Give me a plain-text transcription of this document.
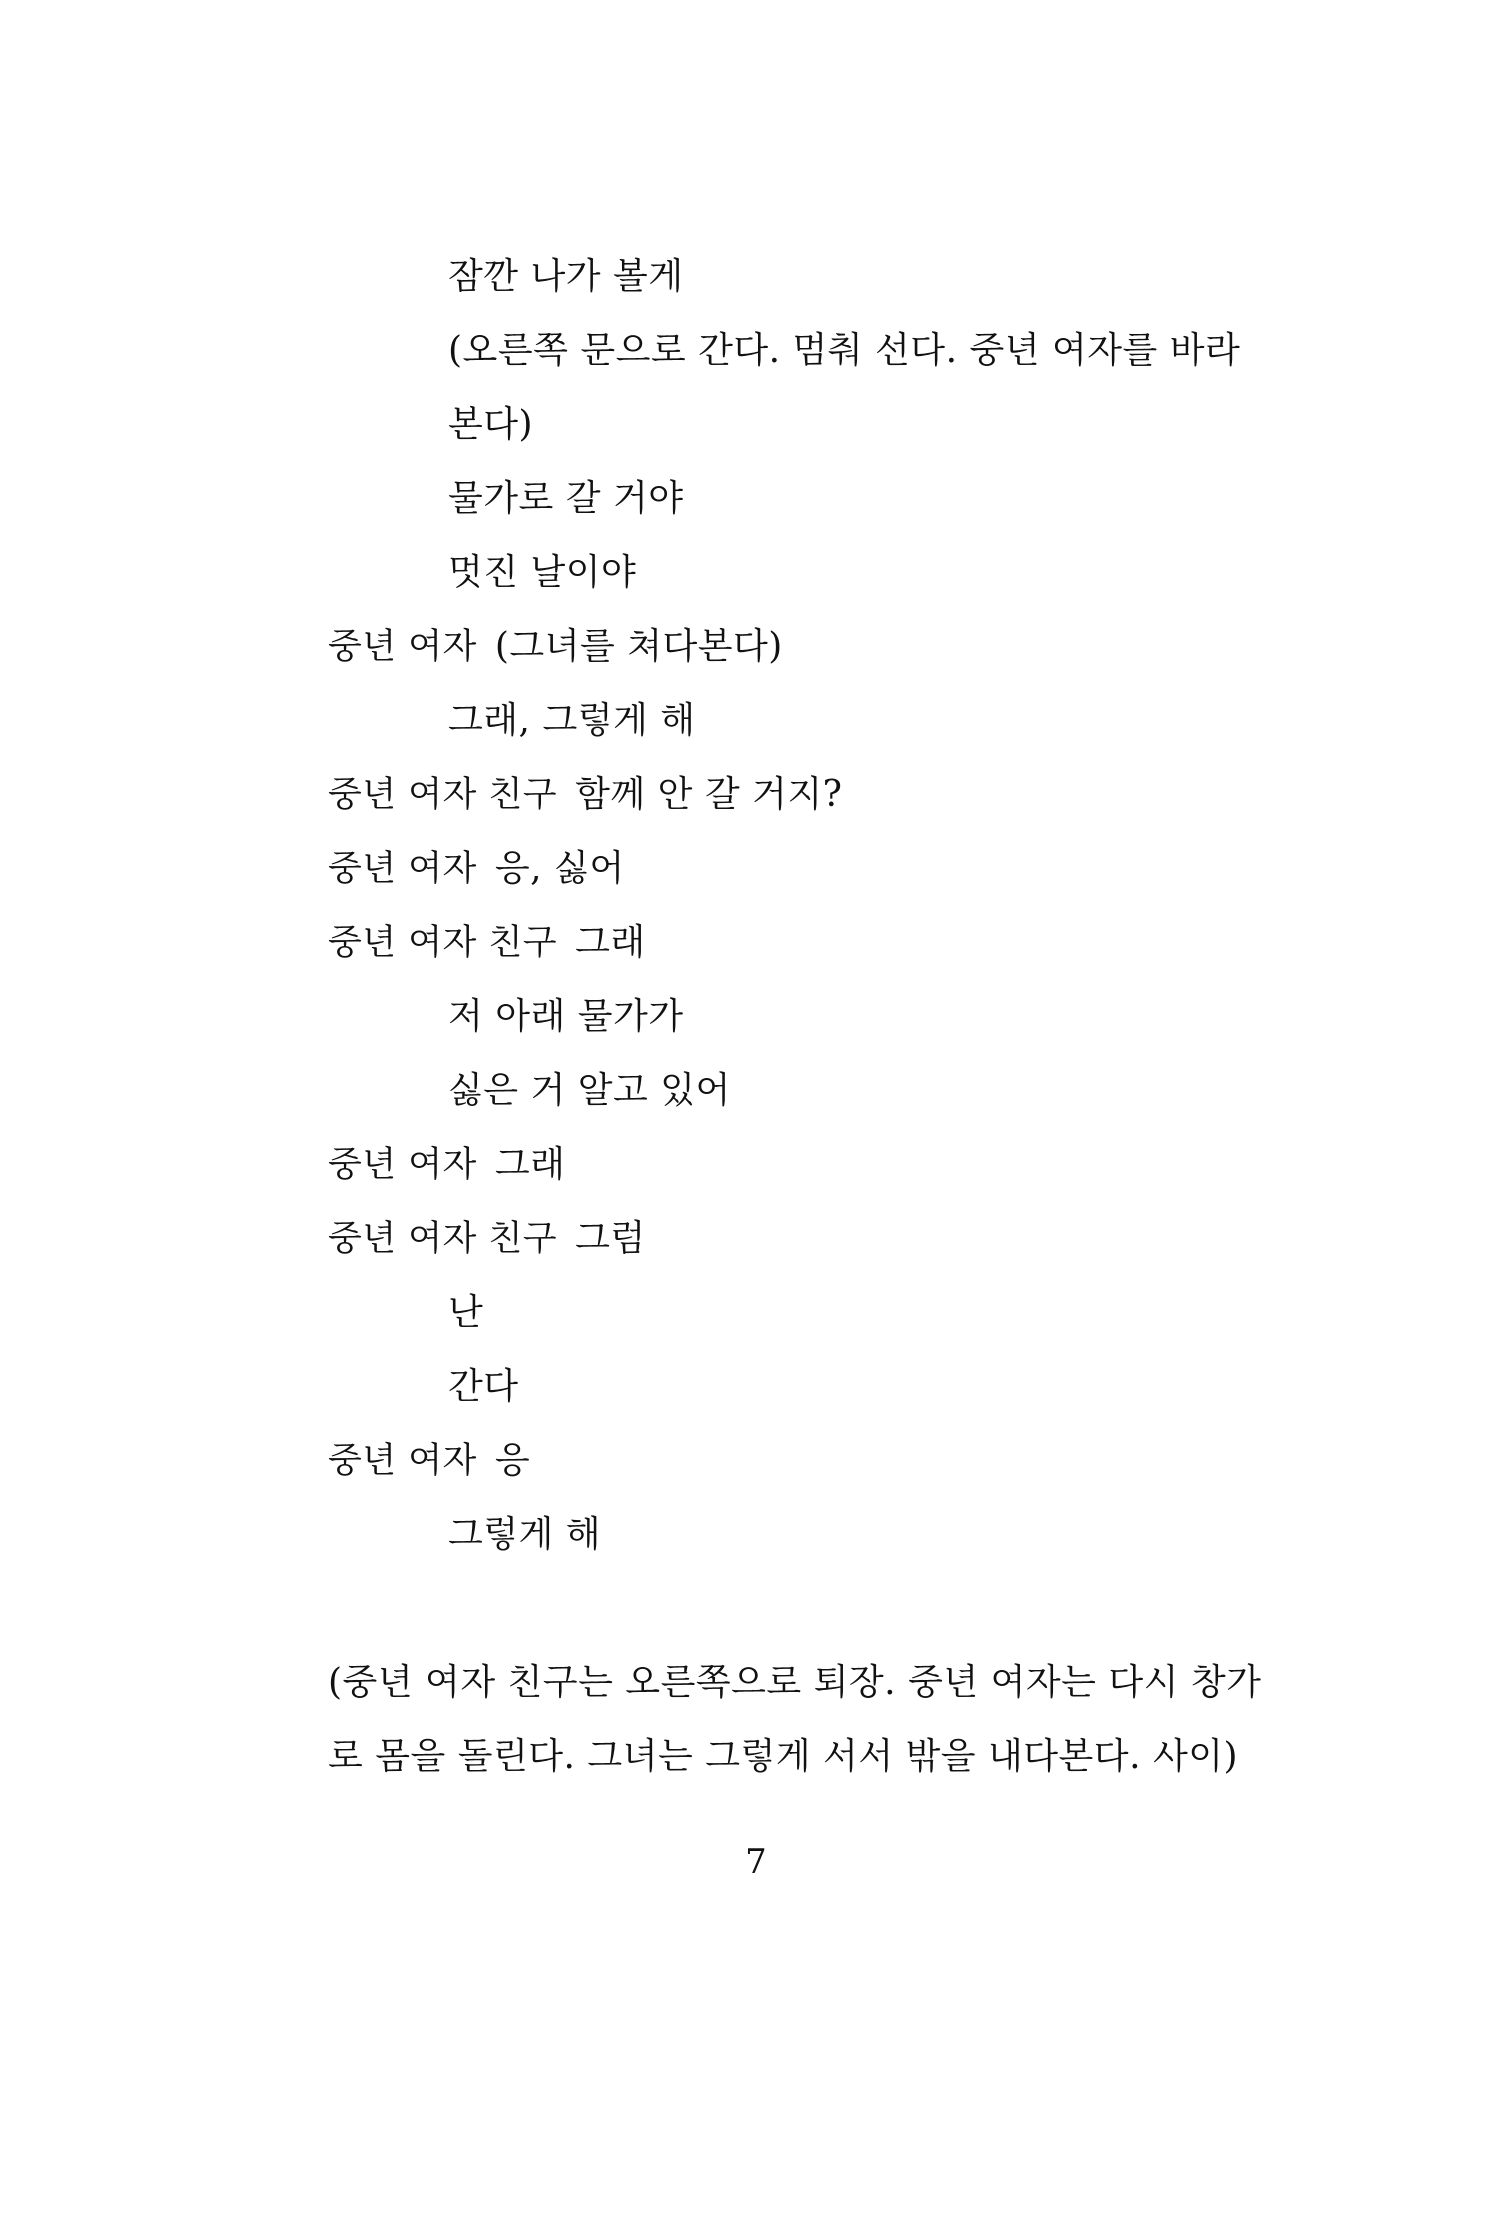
잠깐 나가 볼게
(오른쪽 문으로 간다. 멈춰 선다. 중년 여자를 바라
본다)
물가로 갈 거야
멋진 날이야
중년 여자 (그녀를 쳐다본다)
그래, 그렇게 해
중년 여자 친구 함께 안 갈 거지?
중년 여자 응, 싫어
중년 여자 친구 그래
저 아래 물가가
싫은 거 알고 있어
중년 여자 그래
중년 여자 친구 그럼
난
간다
중년 여자 응
그렇게 해
(중년 여자 친구는 오른쪽으로 퇴장. 중년 여자는 다시 창가
로 몸을 돌린다. 그녀는 그렇게 서서 밖을 내다본다. 사이)
7
